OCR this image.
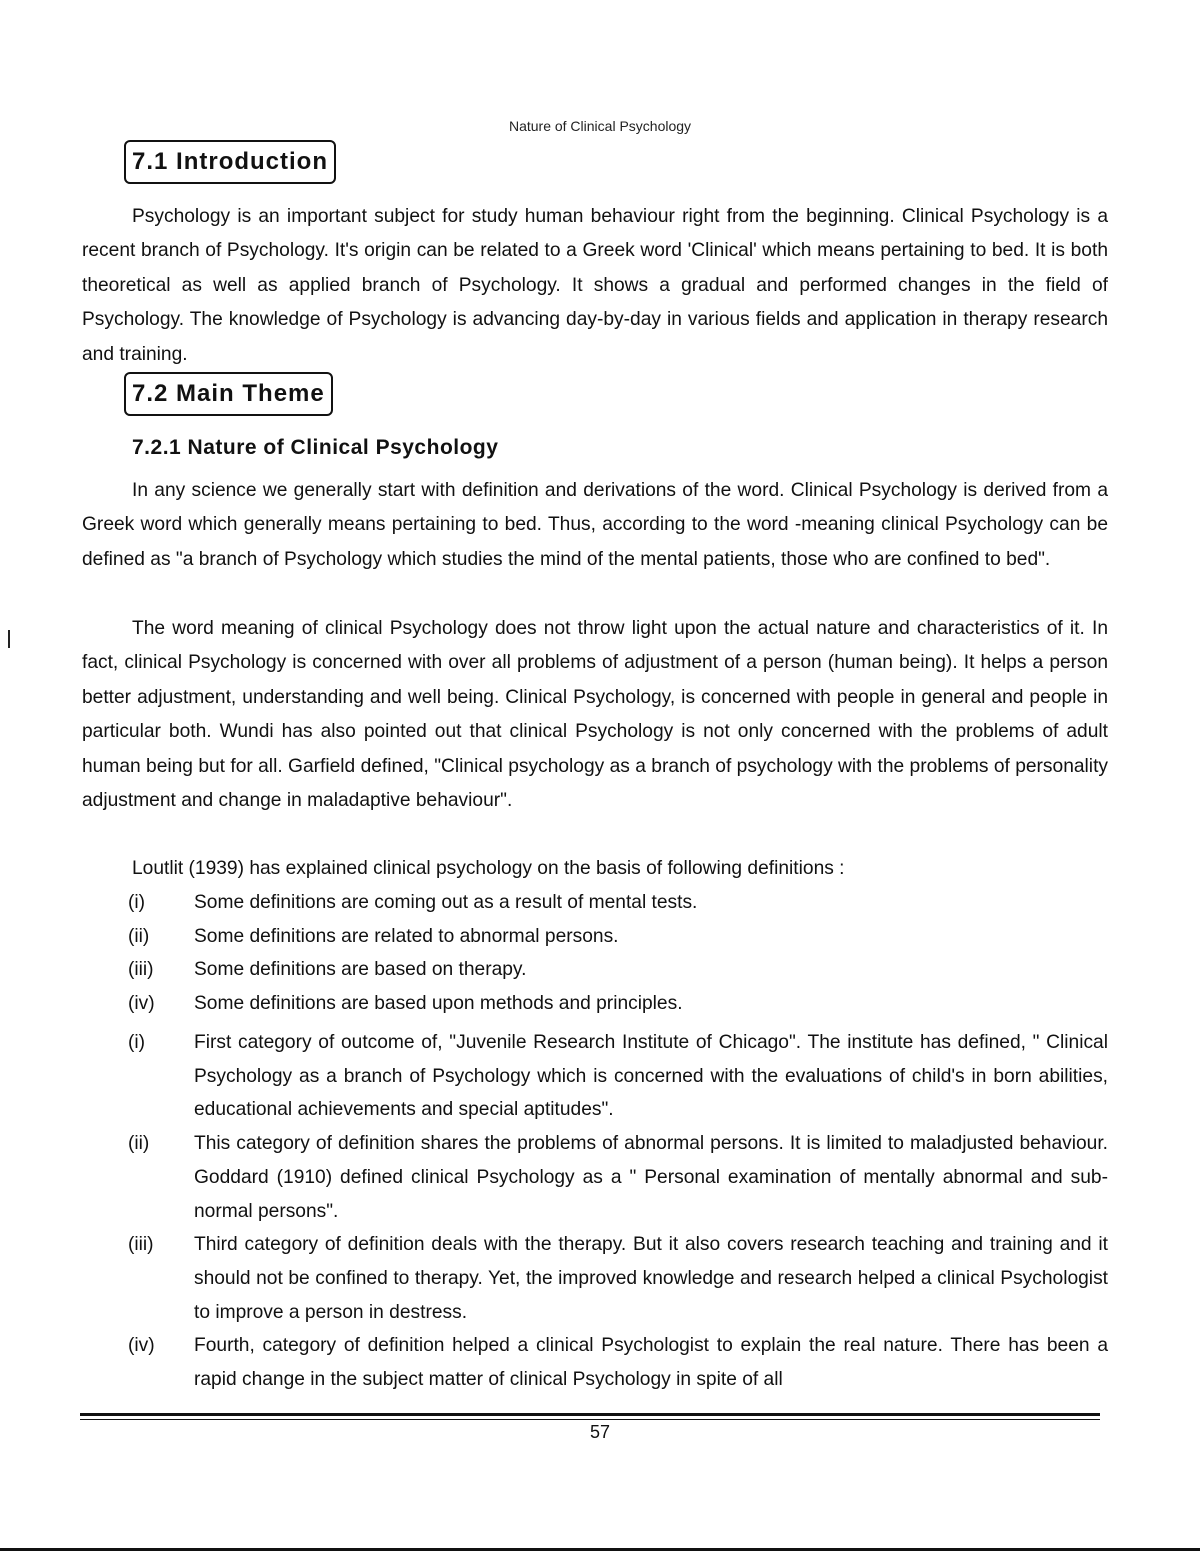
Nature of Clinical Psychology
7.1 Introduction

Psychology is an important subject for study human behaviour right from the beginning. Clinical Psychology is a recent branch of Psychology. It's origin can be related to a Greek word 'Clinical' which means pertaining to bed. It is both theoretical as well as applied branch of Psychology. It shows a gradual and performed changes in the field of Psychology. The knowledge of Psychology is advancing day-by-day in various fields and application in therapy research and training.

7.2 Main Theme
7.2.1 Nature of Clinical Psychology

In any science we generally start with definition and derivations of the word. Clinical Psychology is derived from a Greek word which generally means pertaining to bed. Thus, according to the word -meaning clinical Psychology can be defined as "a branch of Psychology which studies the mind of the mental patients, those who are confined to bed".

The word meaning of clinical Psychology does not throw light upon the actual nature and characteristics of it. In fact, clinical Psychology is concerned with over all problems of adjustment of a person (human being). It helps a person better adjustment, understanding and well being. Clinical Psychology, is concerned with people in general and people in particular both. Wundi has also pointed out that clinical Psychology is not only concerned with the problems of adult human being but for all. Garfield defined, "Clinical psychology as a branch of psychology with the problems of personality adjustment and change in maladaptive behaviour".

Loutlit (1939) has explained clinical psychology on the basis of following definitions :

(i)	Some definitions are coming out as a result of mental tests.
(ii)	Some definitions are related to abnormal persons.
(iii)	Some definitions are based on therapy.
(iv)	Some definitions are based upon methods and principles.
(i)	First category of outcome of, "Juvenile Research Institute of Chicago". The institute has defined, " Clinical Psychology as a branch of Psychology which is concerned with the evaluations of child's in born abilities, educational achievements and special aptitudes".
(ii)	This category of definition shares the problems of abnormal persons. It is limited to maladjusted behaviour. Goddard (1910) defined clinical Psychology as a " Personal examination of mentally abnormal and sub-normal persons".
(iii)	Third category of definition deals with the therapy. But it also covers research teaching and training and it should not be confined to therapy. Yet, the improved knowledge and research helped a clinical Psychologist to improve a person in destress.
(iv)	Fourth, category of definition helped a clinical Psychologist to explain the real nature. There has been a rapid change in the subject matter of clinical Psychology in spite of all
57
